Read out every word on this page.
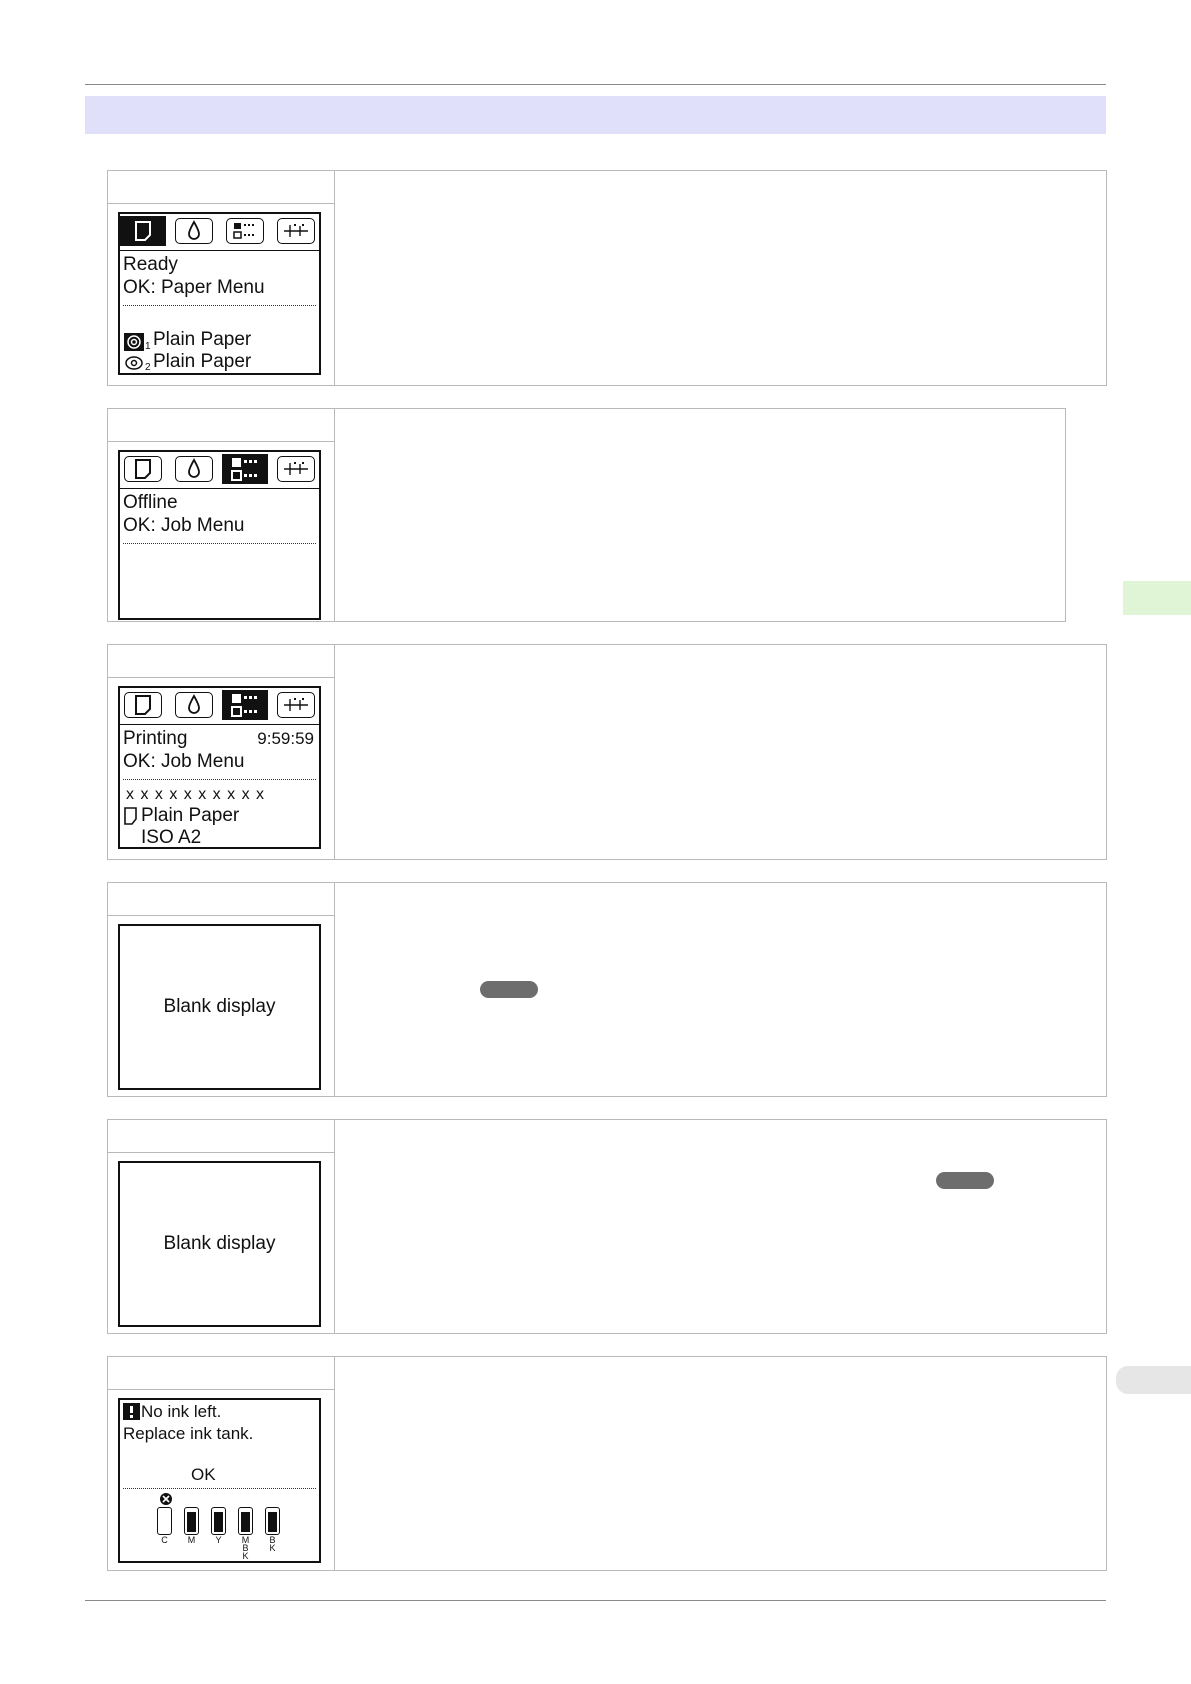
Ready
OK: Paper Menu
1 Plain Paper
2 Plain Paper
Offline
OK: Job Menu
Printing	9:59:59
OK: Job Menu
x x x x x x x x x x
Plain Paper
ISO A2
Blank display
Blank display
No ink left.
Replace ink tank.
OK
C	M	Y	M
B
K
B
K
